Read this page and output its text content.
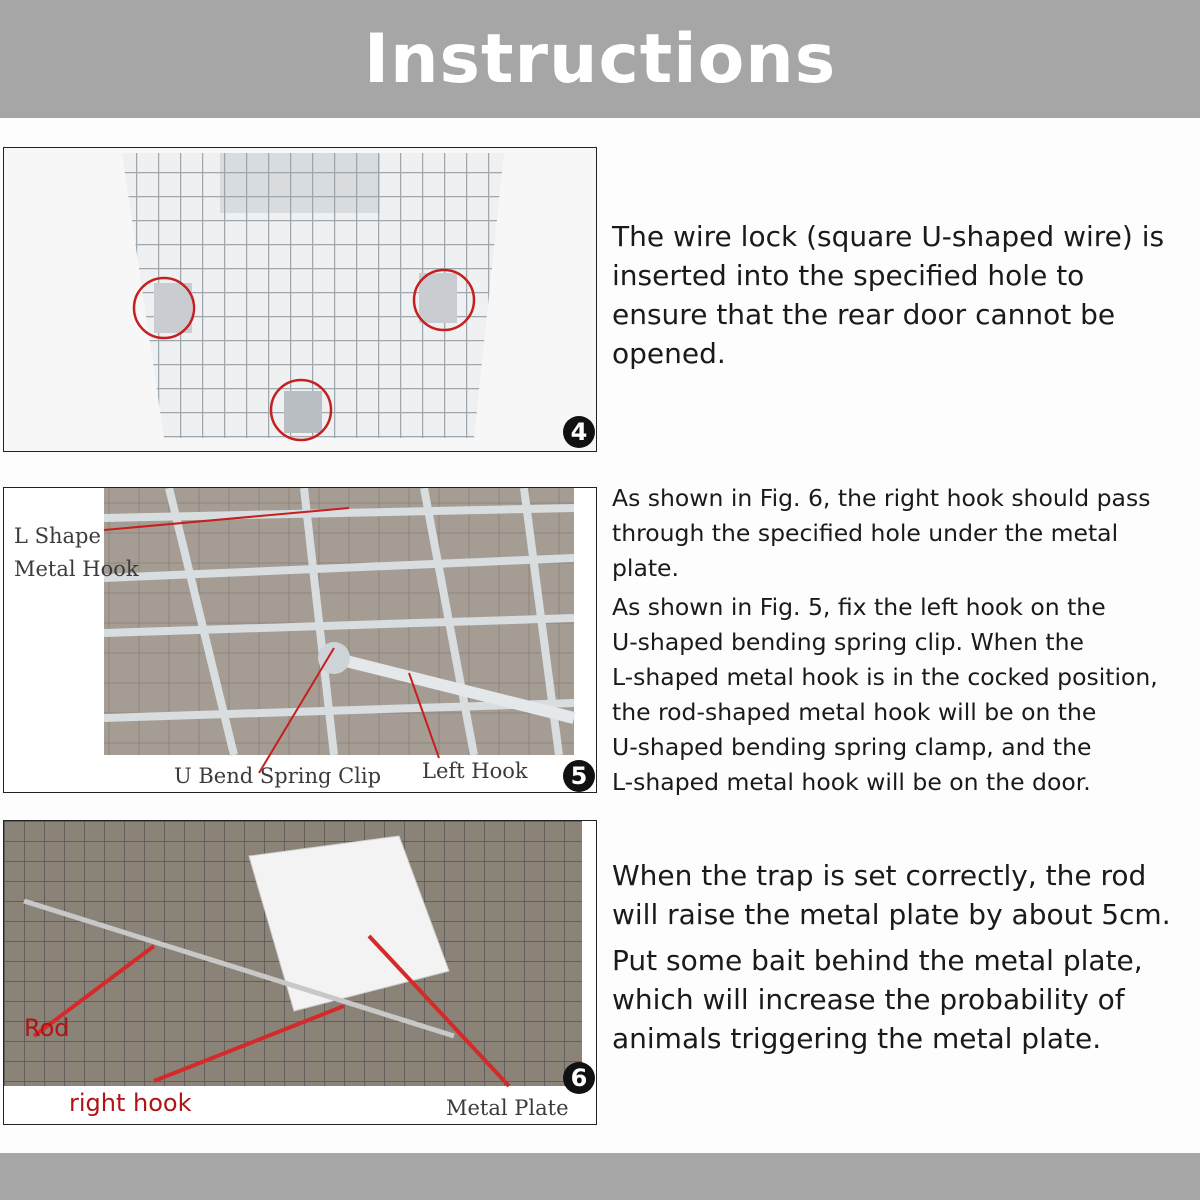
Instructions
4

The wire lock (square U-shaped wire) is

inserted into the specified hole to

ensure that the rear door cannot be

opened.

L Shape
Metal Hook
U Bend Spring Clip Left Hook	5

As shown in Fig. 6, the right hook should pass

through the specified hole under the metal

plate.

As shown in Fig. 5, fix the left hook on the

U-shaped bending spring clip. When the

L-shaped metal hook is in the cocked position,

the rod-shaped metal hook will be on the

U-shaped bending spring clamp, and the

L-shaped metal hook will be on the door.

Rod
right hook	Metal Plate
6

When the trap is set correctly, the rod

will raise the metal plate by about 5cm.

Put some bait behind the metal plate,

which will increase the probability of

animals triggering the metal plate.
